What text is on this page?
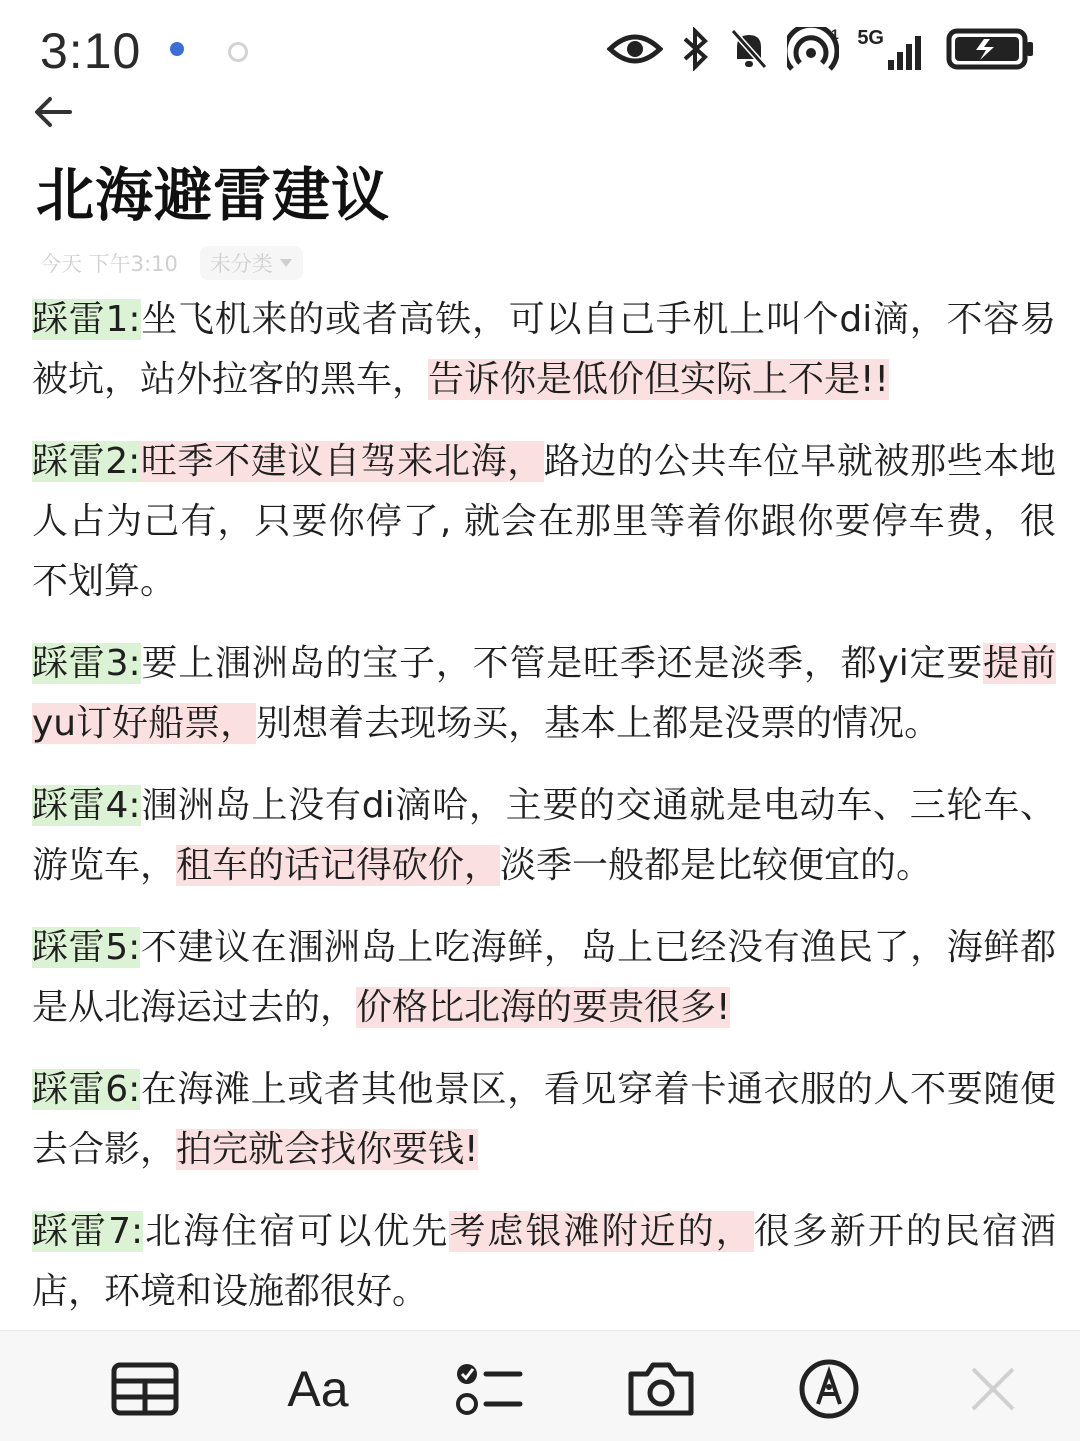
3:10	1 5G
北海避雷建议
今天 下午3:10 未分类

踩雷1:坐飞机来的或者高铁，可以自己手机上叫个di滴，不容易被坑，站外拉客的黑车，告诉你是低价但实际上不是!!

踩雷2:旺季不建议自驾来北海，路边的公共车位早就被那些本地人占为己有，只要你停了, 就会在那里等着你跟你要停车费，很不划算。

踩雷3:要上涠洲岛的宝子，不管是旺季还是淡季，都yi定要提前yu订好船票，别想着去现场买，基本上都是没票的情况。

踩雷4:涠洲岛上没有di滴哈，主要的交通就是电动车、三轮车、游览车，租车的话记得砍价，淡季一般都是比较便宜的。

踩雷5:不建议在涠洲岛上吃海鲜，岛上已经没有渔民了，海鲜都是从北海运过去的，价格比北海的要贵很多!

踩雷6:在海滩上或者其他景区，看见穿着卡通衣服的人不要随便去合影，拍完就会找你要钱!

踩雷7:北海住宿可以优先考虑银滩附近的，很多新开的民宿酒店，环境和设施都很好。

Aa
